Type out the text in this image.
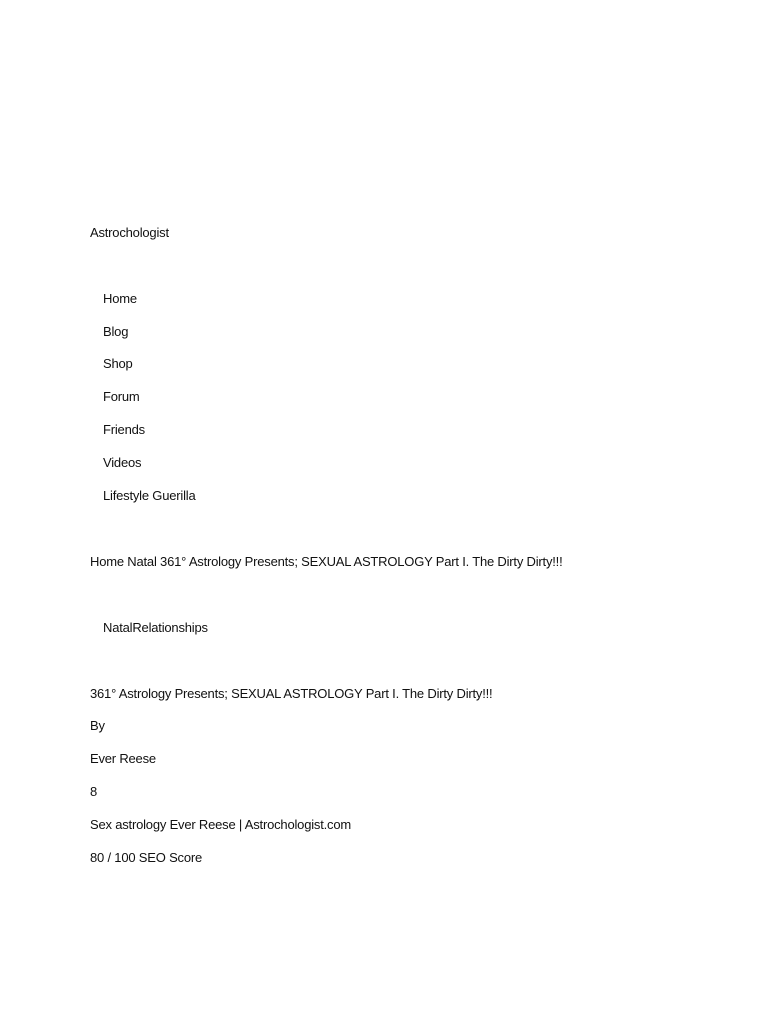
Astrochologist
Home
Blog
Shop
Forum
Friends
Videos
Lifestyle Guerilla
Home Natal 361° Astrology Presents; SEXUAL ASTROLOGY Part I. The Dirty Dirty!!!
NatalRelationships
361° Astrology Presents; SEXUAL ASTROLOGY Part I. The Dirty Dirty!!!
By
Ever Reese
8
Sex astrology Ever Reese | Astrochologist.com
80 / 100 SEO Score
